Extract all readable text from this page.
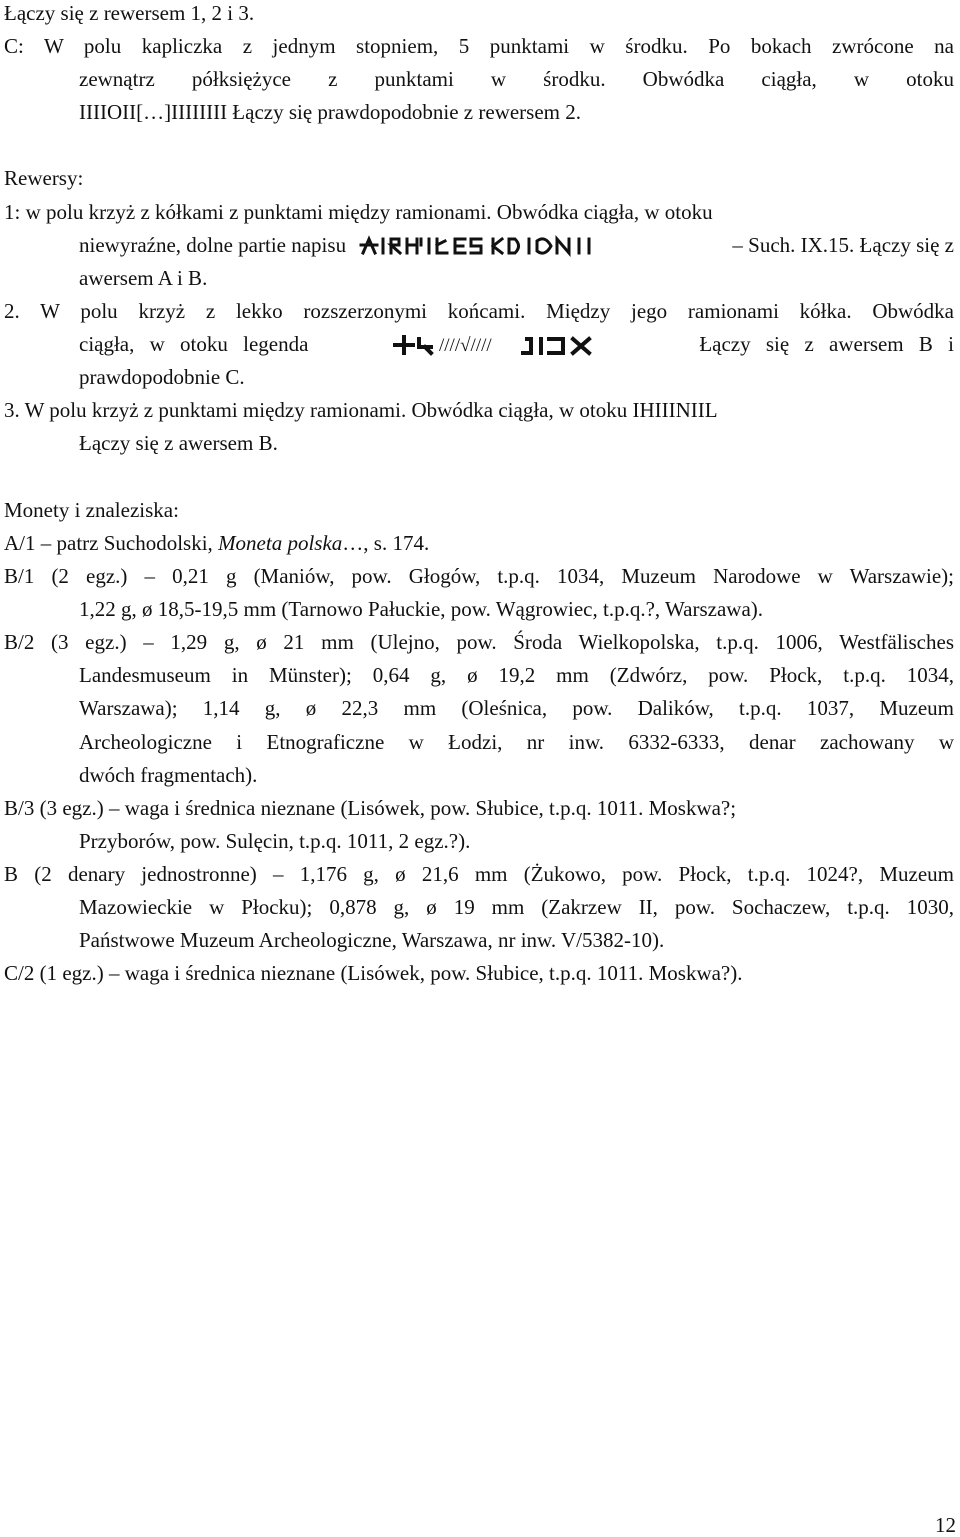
Łączy się z rewersem 1, 2 i 3.
C: W polu kapliczka z jednym stopniem, 5 punktami w środku. Po bokach zwrócone na
zewnątrz półksiężyce z punktami w środku. Obwódka ciągła, w otoku
IIIIOII[…]IIIIIIII Łączy się prawdopodobnie z rewersem 2.
Rewersy:
1: w polu krzyż z kółkami z punktami między ramionami. Obwódka ciągła, w otoku
niewyraźne, dolne partie napisu	– Such. IX.15. Łączy się z
awersem A i B.
2. W polu krzyż z lekko rozszerzonymi końcami. Między jego ramionami kółka. Obwódka
ciągła, w otoku legenda	////√////	Łączy się z awersem B i
prawdopodobnie C.
3. W polu krzyż z punktami między ramionami. Obwódka ciągła, w otoku IHIIINIIL
Łączy się z awersem B.
Monety i znaleziska:
A/1 – patrz Suchodolski, Moneta polska…, s. 174.
B/1 (2 egz.) – 0,21 g (Maniów, pow. Głogów, t.p.q. 1034, Muzeum Narodowe w Warszawie);
1,22 g, ø 18,5-19,5 mm (Tarnowo Pałuckie, pow. Wągrowiec, t.p.q.?, Warszawa).
B/2 (3 egz.) – 1,29 g, ø 21 mm (Ulejno, pow. Środa Wielkopolska, t.p.q. 1006, Westfälisches
Landesmuseum in Münster); 0,64 g, ø 19,2 mm (Zdwórz, pow. Płock, t.p.q. 1034,
Warszawa); 1,14 g, ø 22,3 mm (Oleśnica, pow. Dalików, t.p.q. 1037, Muzeum
Archeologiczne i Etnograficzne w Łodzi, nr inw. 6332-6333, denar zachowany w
dwóch fragmentach).
B/3 (3 egz.) – waga i średnica nieznane (Lisówek, pow. Słubice, t.p.q. 1011. Moskwa?;
Przyborów, pow. Sulęcin, t.p.q. 1011, 2 egz.?).
B (2 denary jednostronne) – 1,176 g, ø 21,6 mm (Żukowo, pow. Płock, t.p.q. 1024?, Muzeum
Mazowieckie w Płocku); 0,878 g, ø 19 mm (Zakrzew II, pow. Sochaczew, t.p.q. 1030,
Państwowe Muzeum Archeologiczne, Warszawa, nr inw. V/5382-10).
C/2 (1 egz.) – waga i średnica nieznane (Lisówek, pow. Słubice, t.p.q. 1011. Moskwa?).
12
